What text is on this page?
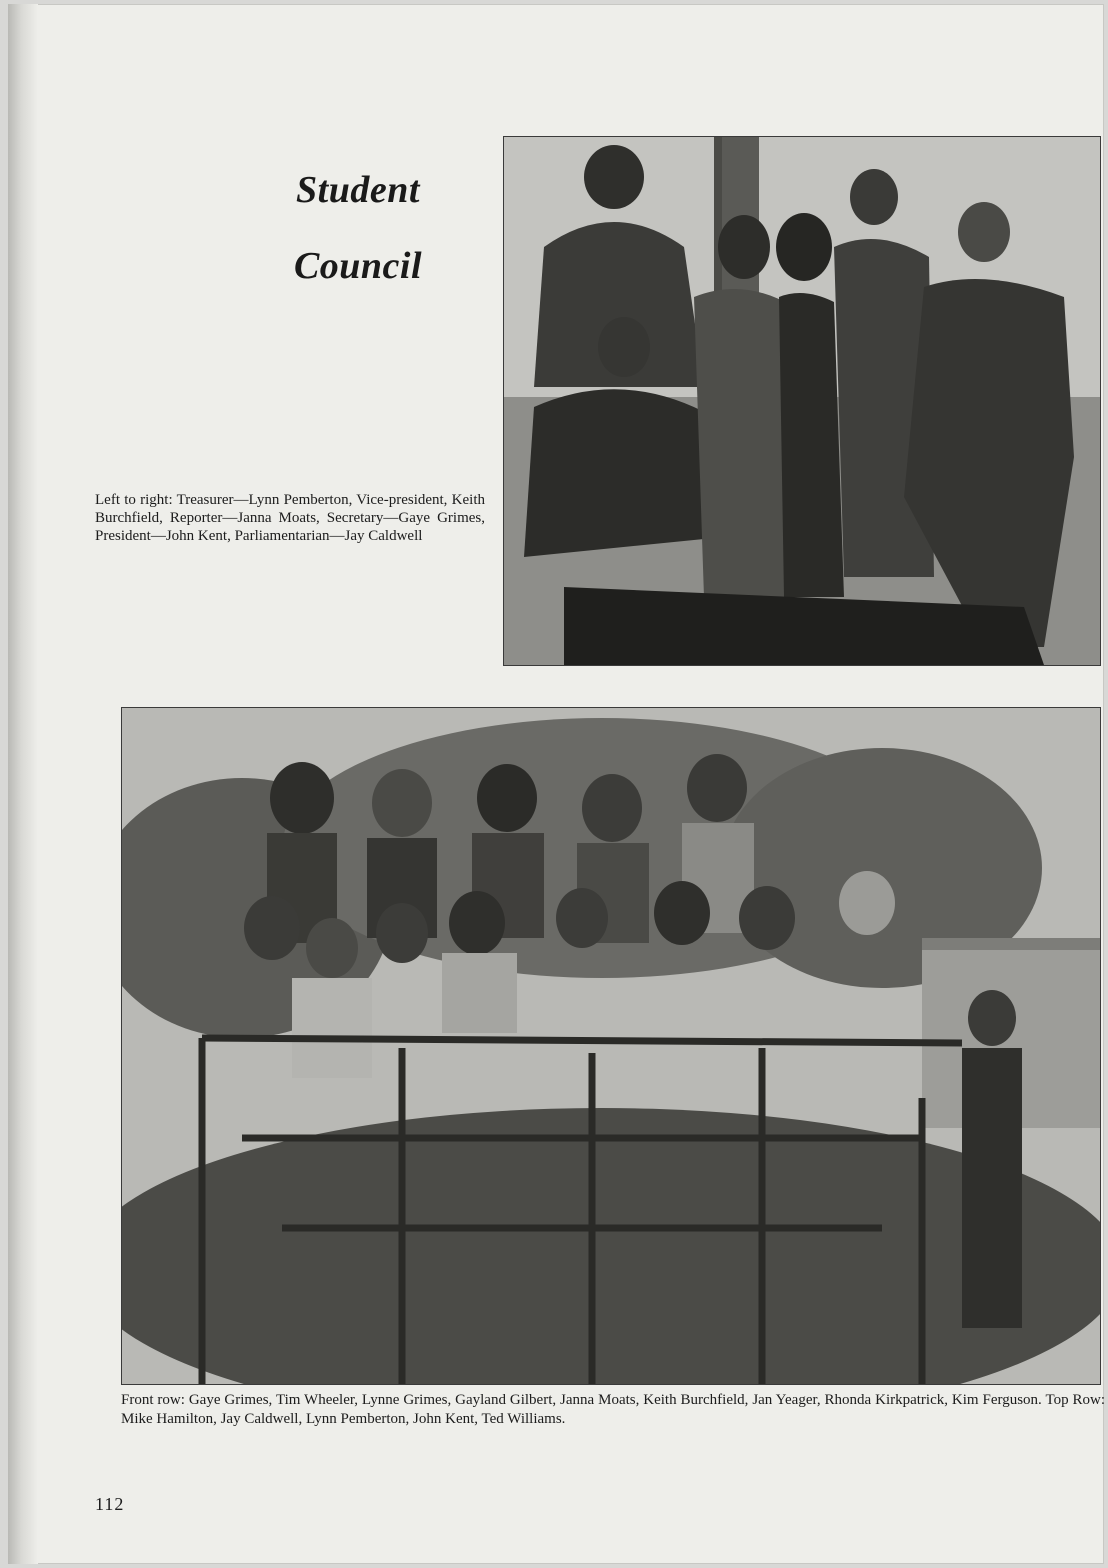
Student
Council
Left to right: Treasurer—Lynn Pemberton, Vice-president, Keith Burchfield, Reporter—Janna Moats, Secretary—Gaye Grimes, President—John Kent, Parliamentarian—Jay Caldwell
Front row: Gaye Grimes, Tim Wheeler, Lynne Grimes, Gayland Gilbert, Janna Moats, Keith Burchfield, Jan Yeager, Rhonda Kirkpatrick, Kim Ferguson. Top Row: Mike Hamilton, Jay Caldwell, Lynn Pemberton, John Kent, Ted Williams.
112
